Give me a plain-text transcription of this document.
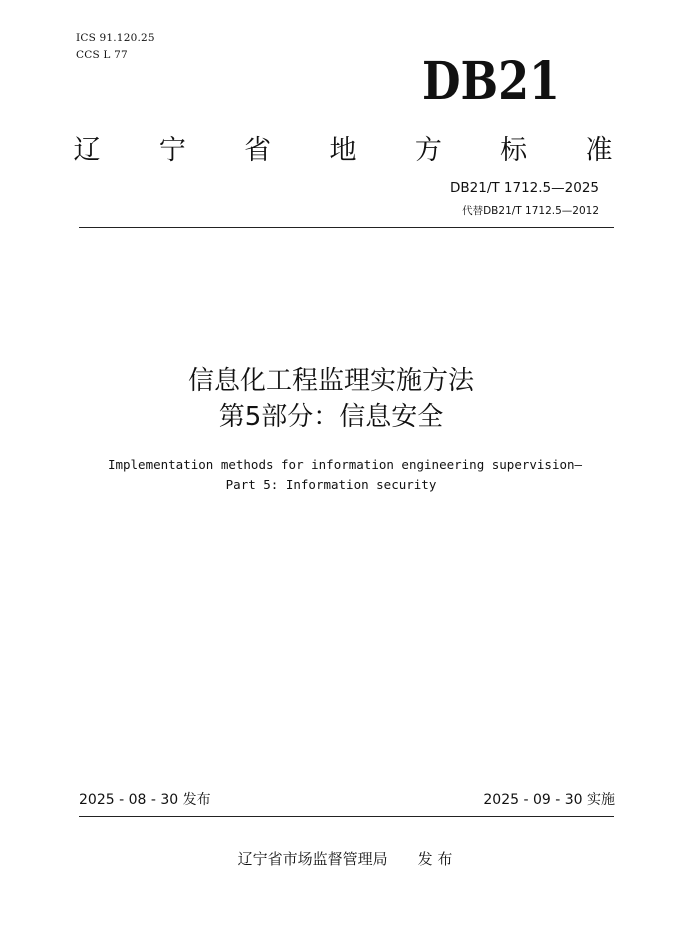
ICS 91.120.25
CCS L 77	DB21
辽 宁 省 地 方 标 准
DB21/T 1712.5—2025
代替DB21/T 1712.5—2012
信息化工程监理实施方法
第5部分：信息安全
Implementation methods for information engineering supervision—
Part 5: Information security
2025 - 08 - 30 发布	2025 - 09 - 30 实施
辽宁省市场监督管理局 发 布
